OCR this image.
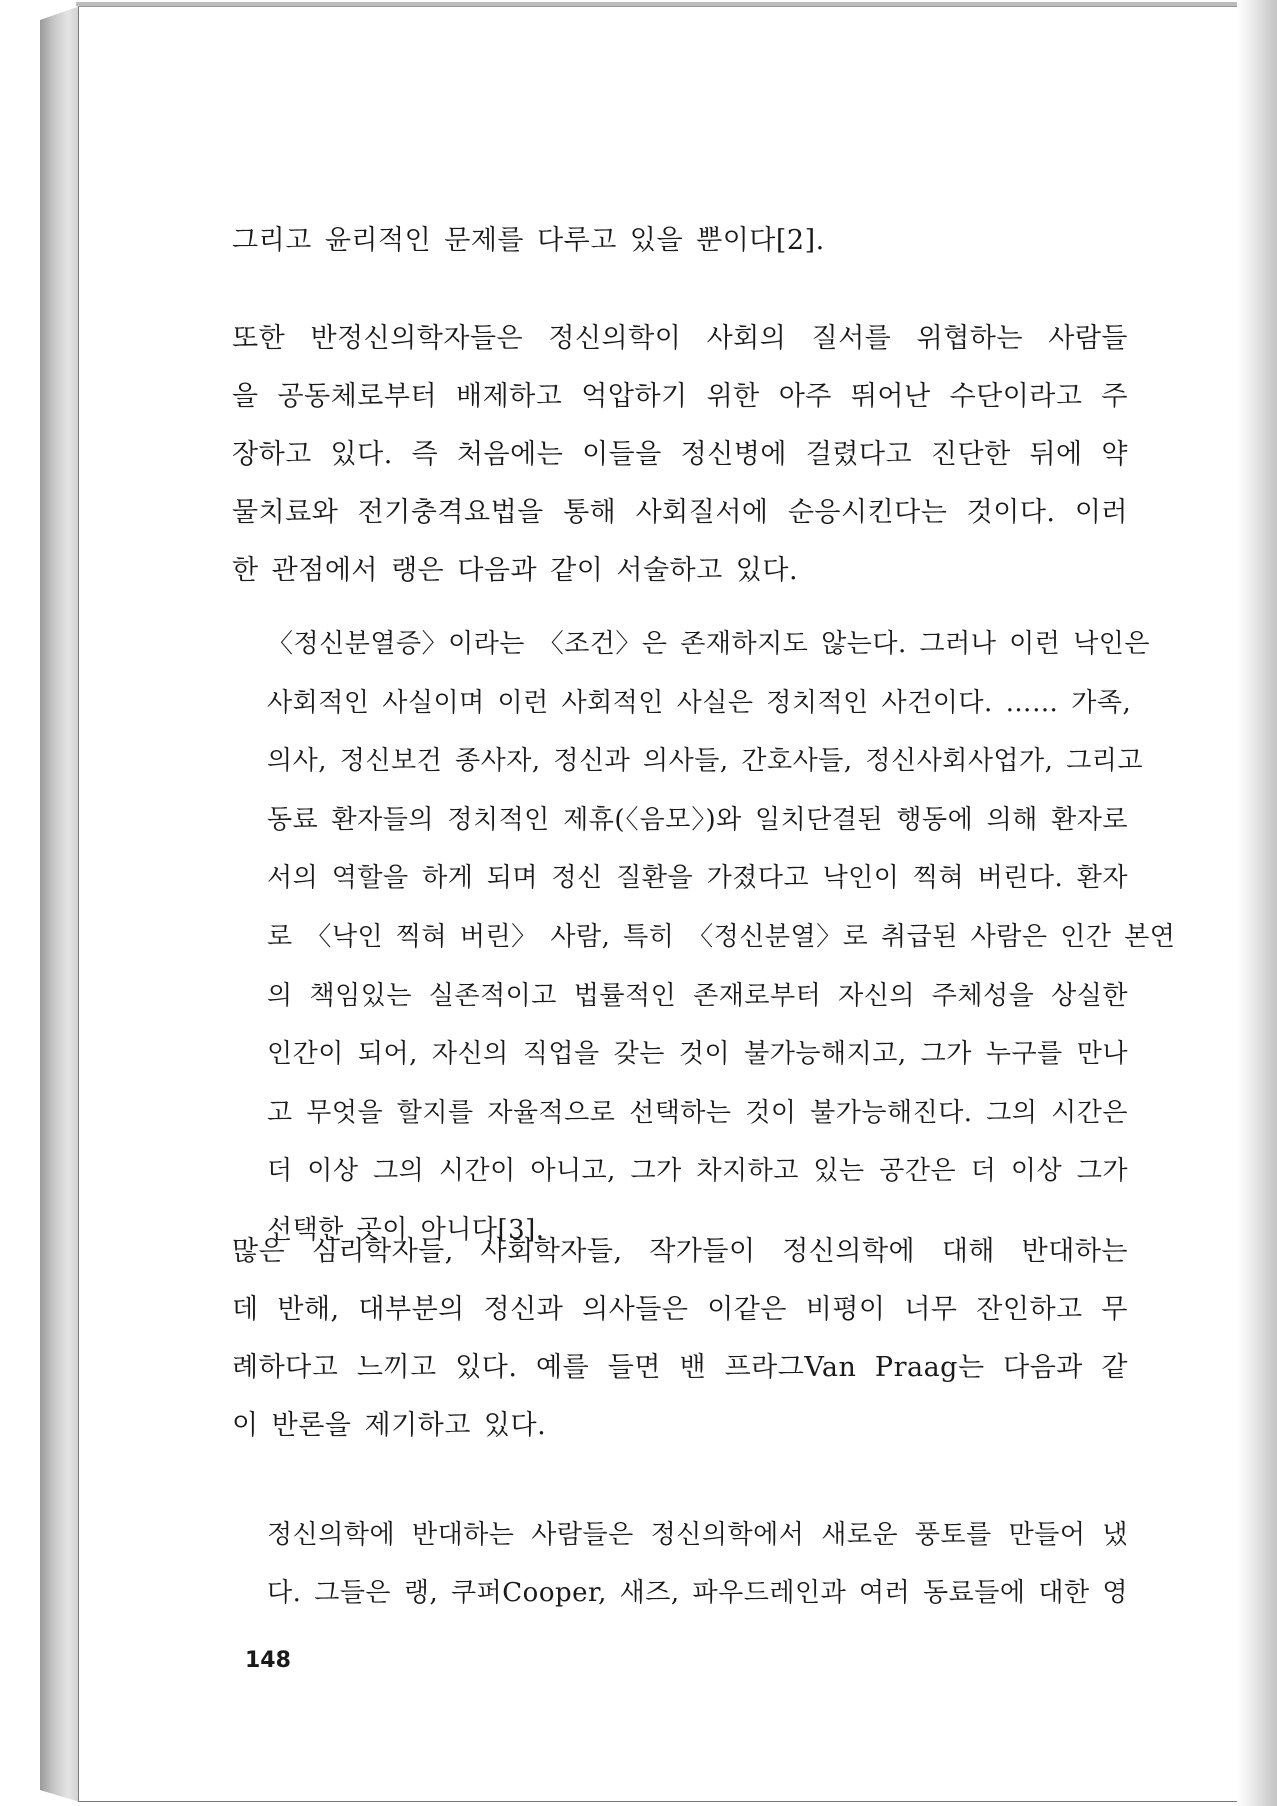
그리고 윤리적인 문제를 다루고 있을 뿐이다[2].
또한 반정신의학자들은 정신의학이 사회의 질서를 위협하는 사람들
을 공동체로부터 배제하고 억압하기 위한 아주 뛰어난 수단이라고 주
장하고 있다. 즉 처음에는 이들을 정신병에 걸렸다고 진단한 뒤에 약
물치료와 전기충격요법을 통해 사회질서에 순응시킨다는 것이다. 이러
한 관점에서 랭은 다음과 같이 서술하고 있다.
〈정신분열증〉이라는 〈조건〉은 존재하지도 않는다. 그러나 이런 낙인은
사회적인 사실이며 이런 사회적인 사실은 정치적인 사건이다. …… 가족,
의사, 정신보건 종사자, 정신과 의사들, 간호사들, 정신사회사업가, 그리고
동료 환자들의 정치적인 제휴(〈음모〉)와 일치단결된 행동에 의해 환자로
서의 역할을 하게 되며 정신 질환을 가졌다고 낙인이 찍혀 버린다. 환자
로 〈낙인 찍혀 버린〉 사람, 특히 〈정신분열〉로 취급된 사람은 인간 본연
의 책임있는 실존적이고 법률적인 존재로부터 자신의 주체성을 상실한
인간이 되어, 자신의 직업을 갖는 것이 불가능해지고, 그가 누구를 만나
고 무엇을 할지를 자율적으로 선택하는 것이 불가능해진다. 그의 시간은
더 이상 그의 시간이 아니고, 그가 차지하고 있는 공간은 더 이상 그가
선택한 곳이 아니다[3].
많은 심리학자들, 사회학자들, 작가들이 정신의학에 대해 반대하는
데 반해, 대부분의 정신과 의사들은 이같은 비평이 너무 잔인하고 무
례하다고 느끼고 있다. 예를 들면 밴 프라그Van Praag는 다음과 같
이 반론을 제기하고 있다.
정신의학에 반대하는 사람들은 정신의학에서 새로운 풍토를 만들어 냈
다. 그들은 랭, 쿠퍼Cooper, 새즈, 파우드레인과 여러 동료들에 대한 영
148
